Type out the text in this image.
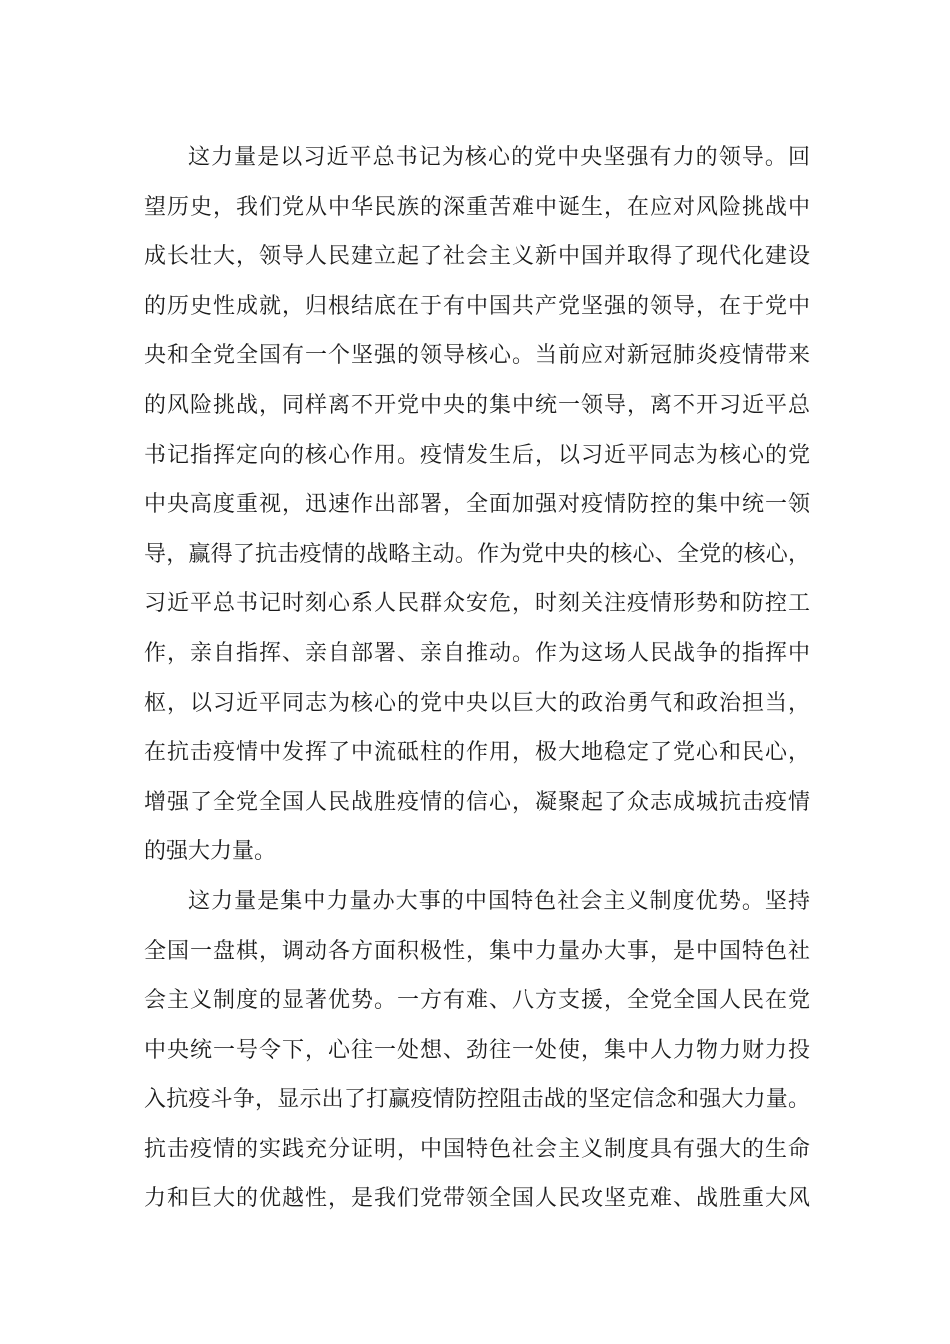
这力量是以习近平总书记为核心的党中央坚强有力的领导。回
望历史，我们党从中华民族的深重苦难中诞生，在应对风险挑战中
成长壮大，领导人民建立起了社会主义新中国并取得了现代化建设
的历史性成就，归根结底在于有中国共产党坚强的领导，在于党中
央和全党全国有一个坚强的领导核心。当前应对新冠肺炎疫情带来
的风险挑战，同样离不开党中央的集中统一领导，离不开习近平总
书记指挥定向的核心作用。疫情发生后，以习近平同志为核心的党
中央高度重视，迅速作出部署，全面加强对疫情防控的集中统一领
导，赢得了抗击疫情的战略主动。作为党中央的核心、全党的核心，
习近平总书记时刻心系人民群众安危，时刻关注疫情形势和防控工
作，亲自指挥、亲自部署、亲自推动。作为这场人民战争的指挥中
枢，以习近平同志为核心的党中央以巨大的政治勇气和政治担当，
在抗击疫情中发挥了中流砥柱的作用，极大地稳定了党心和民心，
增强了全党全国人民战胜疫情的信心，凝聚起了众志成城抗击疫情
的强大力量。
这力量是集中力量办大事的中国特色社会主义制度优势。坚持
全国一盘棋，调动各方面积极性，集中力量办大事，是中国特色社
会主义制度的显著优势。一方有难、八方支援，全党全国人民在党
中央统一号令下，心往一处想、劲往一处使，集中人力物力财力投
入抗疫斗争，显示出了打赢疫情防控阻击战的坚定信念和强大力量。
抗击疫情的实践充分证明，中国特色社会主义制度具有强大的生命
力和巨大的优越性，是我们党带领全国人民攻坚克难、战胜重大风
